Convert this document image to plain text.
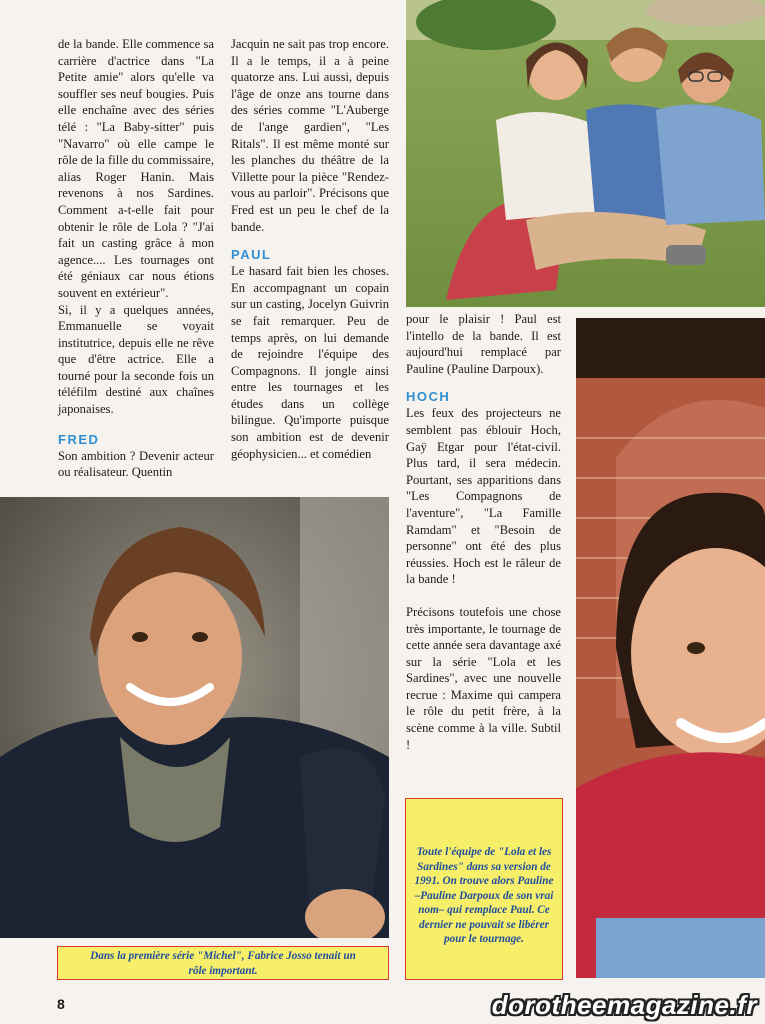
de la bande. Elle commence sa carrière d'actrice dans "La Petite amie" alors qu'elle va souffler ses neuf bougies. Puis elle enchaîne avec des séries télé : "La Baby-sitter" puis "Navarro" où elle campe le rôle de la fille du commissaire, alias Roger Hanin. Mais revenons à nos Sardines. Comment a-t-elle fait pour obtenir le rôle de Lola ? "J'ai fait un casting grâce à mon agence.... Les tournages ont été géniaux car nous étions souvent en extérieur".

Si, il y a quelques années, Emmanuelle se voyait institutrice, depuis elle ne rêve que d'être actrice. Elle a tourné pour la seconde fois un téléfilm destiné aux chaînes japonaises.

FRED

Son ambition ? Devenir acteur ou réalisateur. Quentin

Jacquin ne sait pas trop encore. Il a le temps, il a à peine quatorze ans. Lui aussi, depuis l'âge de onze ans tourne dans des séries comme "L'Auberge de l'ange gardien", "Les Ritals". Il est même monté sur les planches du théâtre de la Villette pour la pièce "Rendez-vous au parloir". Précisons que Fred est un peu le chef de la bande.

PAUL

Le hasard fait bien les choses. En accompagnant un copain sur un casting, Jocelyn Guivrin se fait remarquer. Peu de temps après, on lui demande de rejoindre l'équipe des Compagnons. Il jongle ainsi entre les tournages et les études dans un collège bilingue. Qu'importe puisque son ambition est de devenir géophysicien... et comédien

pour le plaisir ! Paul est l'intello de la bande. Il est aujourd'hui remplacé par Pauline (Pauline Darpoux).

HOCH

Les feux des projecteurs ne semblent pas éblouir Hoch, Gaÿ Etgar pour l'état-civil. Plus tard, il sera médecin. Pourtant, ses apparitions dans "Les Compagnons de l'aventure", "La Famille Ramdam" et "Besoin de personne" ont été des plus réussies. Hoch est le râleur de la bande !

Précisons toutefois une chose très importante, le tournage de cette année sera davantage axé sur la série "Lola et les Sardines", avec une nouvelle recrue : Maxime qui campera le rôle du petit frère, à la scène comme à la ville. Subtil !

Dans la première série "Michel", Fabrice Josso tenait un rôle important.
Toute l'équipe de "Lola et les Sardines" dans sa version de 1991. On trouve alors Pauline –Pauline Darpoux de son vrai nom– qui remplace Paul. Ce dernier ne pouvait se libérer pour le tournage.
8	dorotheemagazine.fr
